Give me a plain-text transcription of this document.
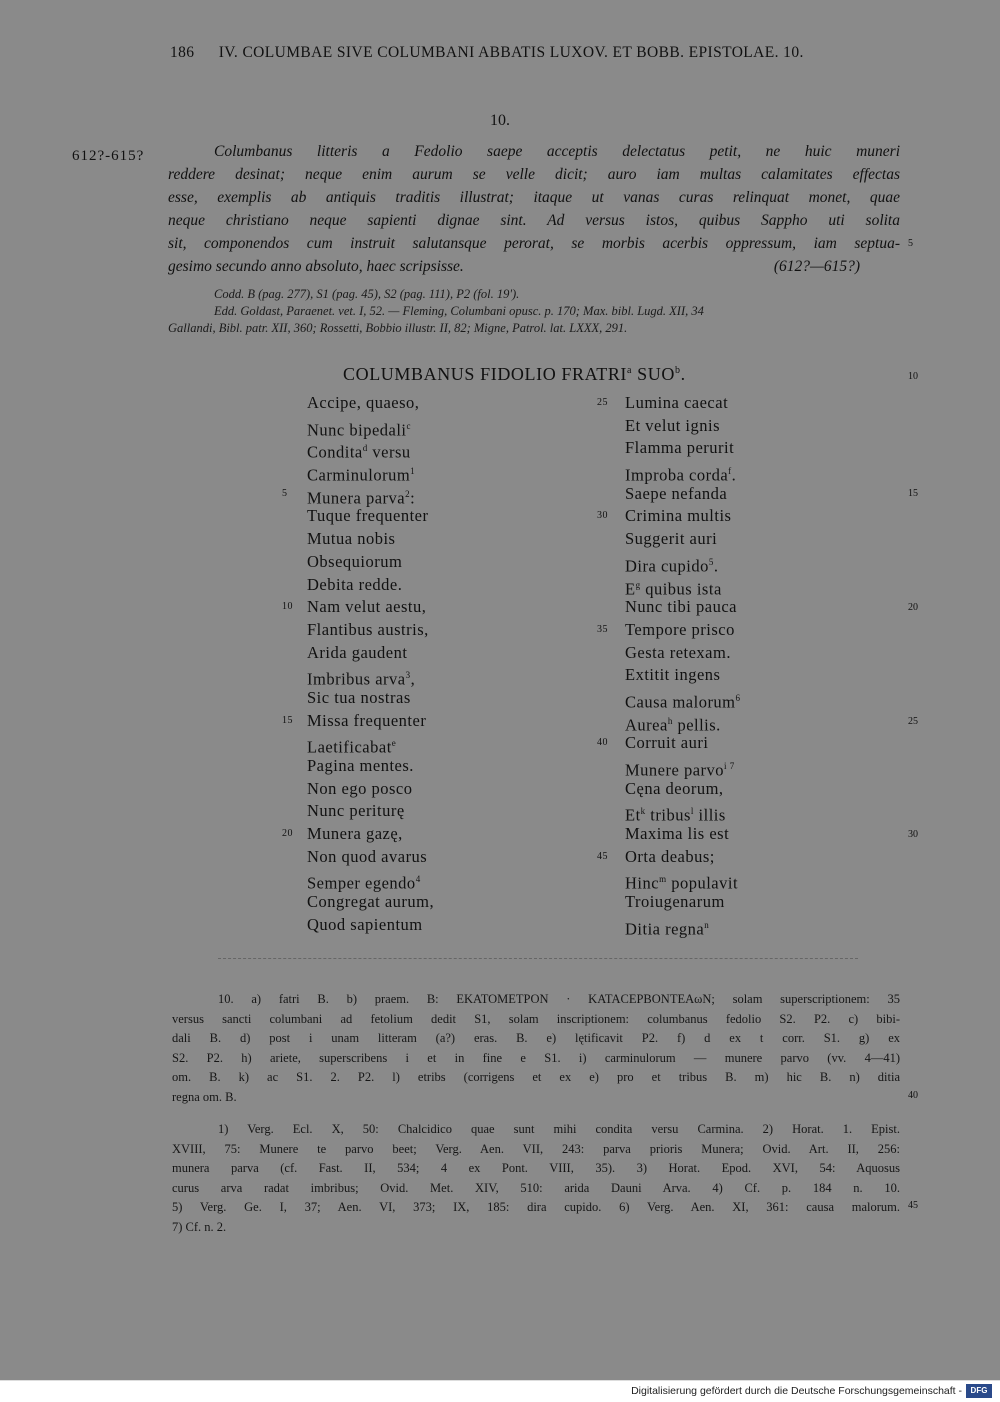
186 IV. COLUMBAE SIVE COLUMBANI ABBATIS LUXOV. ET BOBB. EPISTOLAE. 10.
10.
612?-615?	Columbanus litteris a Fedolio saepe acceptis delectatus petit, ne huic muneri
reddere desinat; neque enim aurum se velle dicit; auro iam multas calamitates effectas
esse, exemplis ab antiquis traditis illustrat; itaque ut vanas curas relinquat monet, quae
neque christiano neque sapienti dignae sint. Ad versus istos, quibus Sappho uti solita
sit, componendos cum instruit salutansque perorat, se morbis acerbis oppressum, iam septua-
gesimo secundo anno absoluto, haec scripsisse.	(612?—615?)
5
Codd. B (pag. 277), S1 (pag. 45), S2 (pag. 111), P2 (fol. 19').
Edd. Goldast, Paraenet. vet. I, 52. — Fleming, Columbani opusc. p. 170; Max. bibl. Lugd. XII, 34
Gallandi, Bibl. patr. XII, 360; Rossetti, Bobbio illustr. II, 82; Migne, Patrol. lat. LXXX, 291.
COLUMBANUS FIDOLIO FRATRI$^a$ SUO$^b$.	10
Accipe, quaeso,
Nunc bipedali$^c$
Condita$^d$ versu
Carminulorum$^1$
5 Munera parva$^2$:
Tuque frequenter
Mutua nobis
Obsequiorum
Debita redde.
10 Nam velut aestu,
Flantibus austris,
Arida gaudent
Imbribus arva$^3$,
Sic tua nostras
15 Missa frequenter
Laetificabat$^e$
Pagina mentes.
Non ego posco
Nunc periturę
20 Munera gazę,
Non quod avarus
Semper egendo$^4$
Congregat aurum,
Quod sapientum
25 Lumina caecat
Et velut ignis
Flamma perurit
Improba corda$^f$.
Saepe nefanda
30 Crimina multis
Suggerit auri
Dira cupido$^5$.
$E^g$ quibus ista
Nunc tibi pauca
35 Tempore prisco
Gesta retexam.
Extitit ingens
Causa malorum$^6$
Aurea$^h$ pellis.
40 Corruit auri
Munere parvo$^{i 7}$
Cęna deorum,
Et$^k$ tribus$^l$ illis
Maxima lis est
45 Orta deabus;
Hinc$^m$ populavit
Troiugenarum
Ditia regna$^n$
15
20
25
30
10. a) fatri B. b) praem. B: EKATOMETPON · KATACEPBONTEAωN; solam superscriptionem: 35
versus sancti columbani ad fetolium dedit S1, solam inscriptionem: columbanus fedolio S2. P2. c) bibi-
dali B. d) post i unam litteram (a?) eras. B. e) lętificavit P2. f) d ex t corr. S1. g) ex
S2. P2. h) ariete, superscribens i et in fine e S1. i) carminulorum — munere parvo (vv. 4—41)
om. B. k) ac S1. 2. P2. l) etribs (corrigens et ex e) pro et tribus B. m) hic B. n) ditia
regna om. B.	40
1) Verg. Ecl. X, 50: Chalcidico quae sunt mihi condita versu Carmina. 2) Horat. 1. Epist.
XVIII, 75: Munere te parvo beet; Verg. Aen. VII, 243: parva prioris Munera; Ovid. Art. II, 256:
munera parva (cf. Fast. II, 534; 4 ex Pont. VIII, 35). 3) Horat. Epod. XVI, 54: Aquosus
curus arva radat imbribus; Ovid. Met. XIV, 510: arida Dauni Arva. 4) Cf. p. 184 n. 10.
5) Verg. Ge. I, 37; Aen. VI, 373; IX, 185: dira cupido. 6) Verg. Aen. XI, 361: causa malorum.
7) Cf. n. 2.
45
Digitalisierung gefördert durch die Deutsche Forschungsgemeinschaft -	DFG
